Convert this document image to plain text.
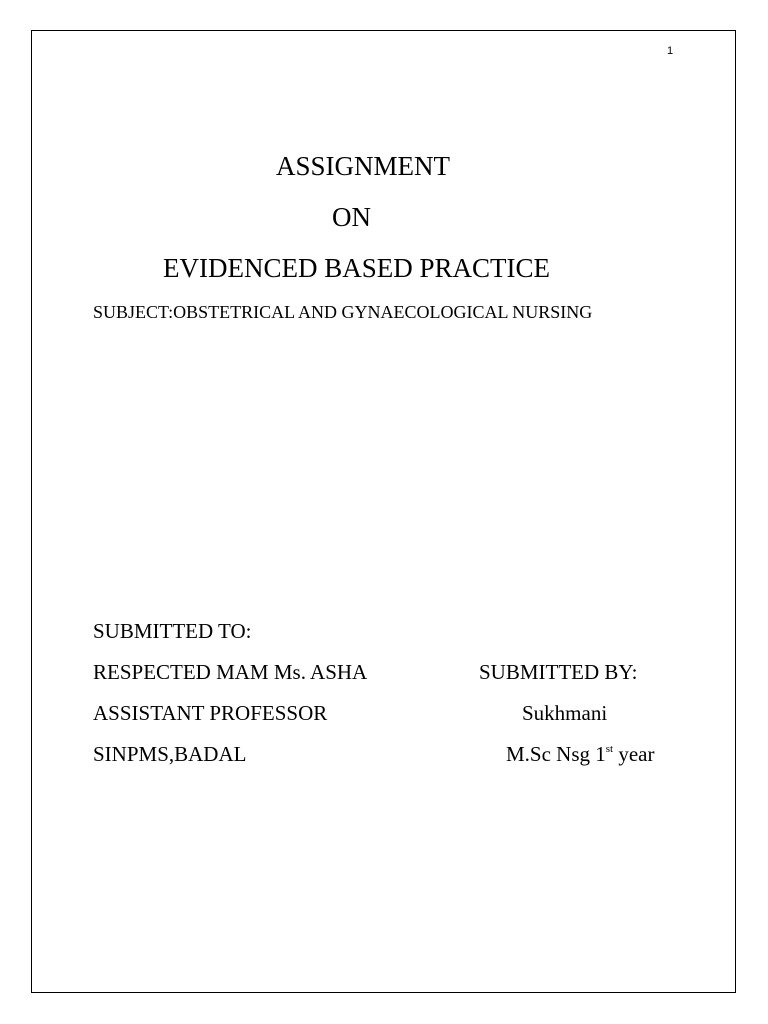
1
ASSIGNMENT
ON
EVIDENCED BASED PRACTICE
SUBJECT:OBSTETRICAL AND GYNAECOLOGICAL NURSING
SUBMITTED TO:
RESPECTED MAM Ms. ASHA
ASSISTANT PROFESSOR
SINPMS,BADAL
SUBMITTED BY:
Sukhmani
M.Sc Nsg 1st year
